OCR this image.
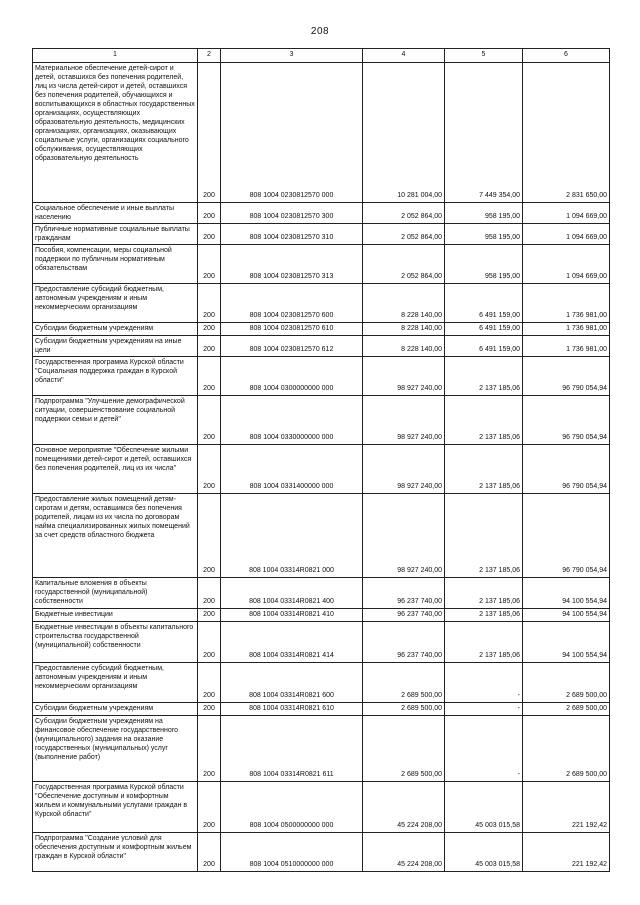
208
1	2	3	4	5	6
Материальное обеспечение детей-сирот и детей, оставшихся без попечения родителей, лиц из числа детей-сирот и детей, оставшихся без попечения родителей, обучающихся и воспитывающихся в областных государственных организациях, осуществляющих образовательную деятельность, медицинских организациях, организациях, оказывающих социальные услуги, организациях социального обслуживания, осуществляющих образовательную деятельность	200	808 1004 0230812570 000	10 281 004,00	7 449 354,00	2 831 650,00
Социальное обеспечение и иные выплаты населению	200	808 1004 0230812570 300	2 052 864,00	958 195,00	1 094 669,00
Публичные нормативные социальные выплаты гражданам	200	808 1004 0230812570 310	2 052 864,00	958 195,00	1 094 669,00
Пособия, компенсации, меры социальной поддержки по публичным нормативным обязательствам	200	808 1004 0230812570 313	2 052 864,00	958 195,00	1 094 669,00
Предоставление субсидий бюджетным, автономным учреждениям и иным некоммерческим организациям	200	808 1004 0230812570 600	8 228 140,00	6 491 159,00	1 736 981,00
Субсидии бюджетным учреждениям	200	808 1004 0230812570 610	8 228 140,00	6 491 159,00	1 736 981,00
Субсидии бюджетным учреждениям на иные цели	200	808 1004 0230812570 612	8 228 140,00	6 491 159,00	1 736 981,00
Государственная программа Курской области "Социальная поддержка граждан в Курской области"	200	808 1004 0300000000 000	98 927 240,00	2 137 185,06	96 790 054,94
Подпрограмма "Улучшение демографической ситуации, совершенствование социальной поддержки семьи и детей"	200	808 1004 0330000000 000	98 927 240,00	2 137 185,06	96 790 054,94
Основное мероприятие "Обеспечение жилыми помещениями детей-сирот и детей, оставшихся без попечения родителей, лиц из их числа"	200	808 1004 0331400000 000	98 927 240,00	2 137 185,06	96 790 054,94
Предоставление жилых помещений детям-сиротам и детям, оставшимся без попечения родителей, лицам из их числа по договорам найма специализированных жилых помещений за счет средств областного бюджета	200	808 1004 03314R0821 000	98 927 240,00	2 137 185,06	96 790 054,94
Капитальные вложения в объекты государственной (муниципальной) собственности	200	808 1004 03314R0821 400	96 237 740,00	2 137 185,06	94 100 554,94
Бюджетные инвестиции	200	808 1004 03314R0821 410	96 237 740,00	2 137 185,06	94 100 554,94
Бюджетные инвестиции в объекты капитального строительства государственной (муниципальной) собственности	200	808 1004 03314R0821 414	96 237 740,00	2 137 185,06	94 100 554,94
Предоставление субсидий бюджетным, автономным учреждениям и иным некоммерческим организациям	200	808 1004 03314R0821 600	2 689 500,00	-	2 689 500,00
Субсидии бюджетным учреждениям	200	808 1004 03314R0821 610	2 689 500,00	-	2 689 500,00
Субсидии бюджетным учреждениям на финансовое обеспечение государственного (муниципального) задания на оказание государственных (муниципальных) услуг (выполнение работ)	200	808 1004 03314R0821 611	2 689 500,00	-	2 689 500,00
Государственная программа Курской области "Обеспечение доступным и комфортным жильем и коммунальными услугами граждан в Курской области"	200	808 1004 0500000000 000	45 224 208,00	45 003 015,58	221 192,42
Подпрограмма "Создание условий для обеспечения доступным и комфортным жильем граждан в Курской области"	200	808 1004 0510000000 000	45 224 208,00	45 003 015,58	221 192,42
